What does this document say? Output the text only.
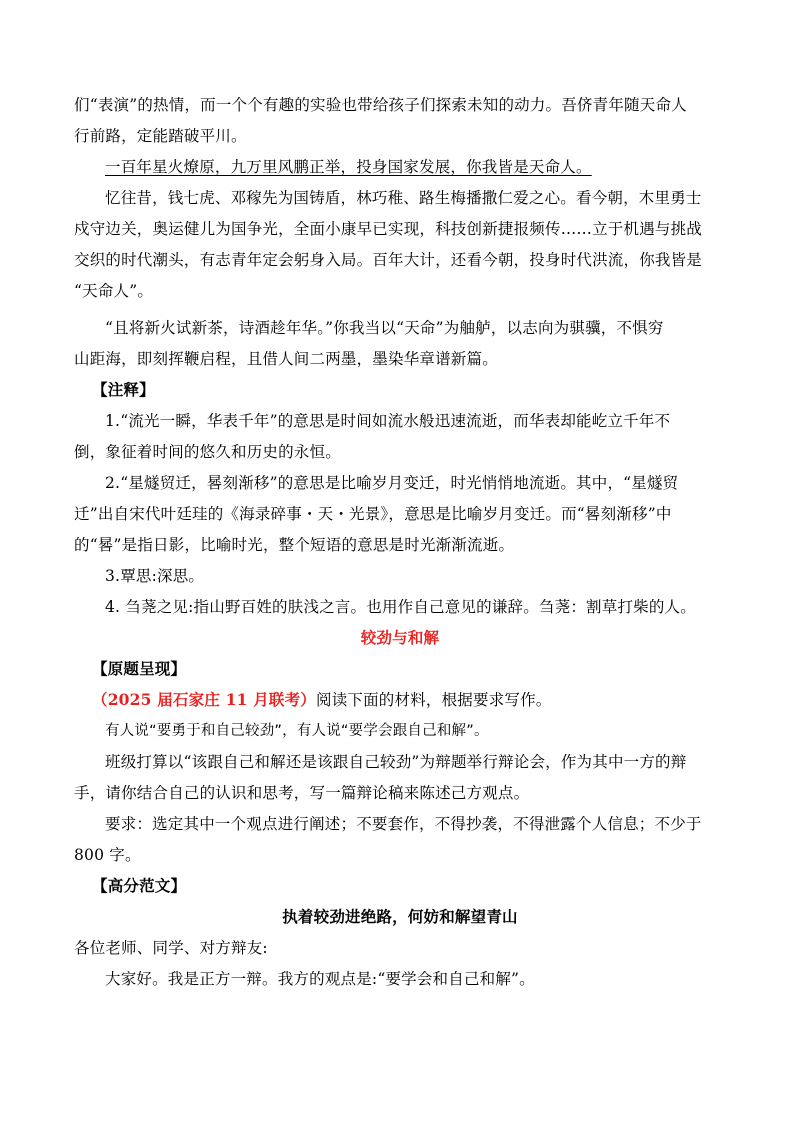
们“表演”的热情，而一个个有趣的实验也带给孩子们探索未知的动力。吾侪青年随天命人
行前路，定能踏破平川。
一百年星火燎原，九万里风鹏正举，投身国家发展，你我皆是天命人。
忆往昔，钱七虎、邓稼先为国铸盾，林巧稚、路生梅播撒仁爱之心。看今朝，木里勇士
戍守边关，奥运健儿为国争光，全面小康早已实现，科技创新捷报频传……立于机遇与挑战
交织的时代潮头，有志青年定会躬身入局。百年大计，还看今朝，投身时代洪流，你我皆是
“天命人”。
“且将新火试新茶，诗酒趁年华。”你我当以“天命”为舳舻，以志向为骐骥，不惧穷
山距海，即刻挥鞭启程，且借人间二两墨，墨染华章谱新篇。
【注释】
1.“流光一瞬，华表千年”的意思是时间如流水般迅速流逝，而华表却能屹立千年不
倒，象征着时间的悠久和历史的永恒。
2.“星燧贸迁，晷刻渐移”的意思是比喻岁月变迁，时光悄悄地流逝。其中，“星燧贸
迁”出自宋代叶廷珪的《海录碎事・天・光景》，意思是比喻岁月变迁。而“晷刻渐移”中
的“晷”是指日影，比喻时光，整个短语的意思是时光渐渐流逝。
3.覃思:深思。
4. 刍荛之见:指山野百姓的肤浅之言。也用作自己意见的谦辞。刍荛：割草打柴的人。
较劲与和解
【原题呈现】
（2025 届石家庄 11 月联考）阅读下面的材料，根据要求写作。
有人说“要勇于和自己较劲”，有人说“要学会跟自己和解”。
班级打算以“该跟自己和解还是该跟自己较劲”为辩题举行辩论会，作为其中一方的辩
手，请你结合自己的认识和思考，写一篇辩论稿来陈述己方观点。
要求：选定其中一个观点进行阐述；不要套作，不得抄袭，不得泄露个人信息；不少于
800 字。
【高分范文】
执着较劲进绝路，何妨和解望青山
各位老师、同学、对方辩友:
大家好。我是正方一辩。我方的观点是:“要学会和自己和解”。
